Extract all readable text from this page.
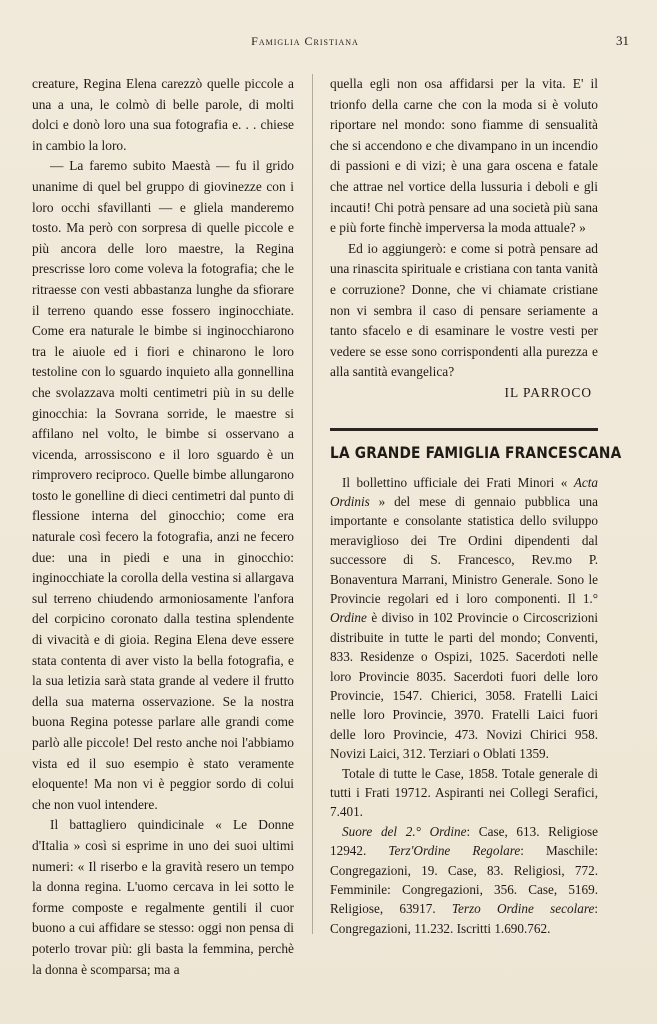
Famiglia Cristiana	31

creature, Regina Elena carezzò quelle piccole a una a una, le colmò di belle parole, di molti dolci e donò loro una sua fotografia e. . . chiese in cambio la loro.

— La faremo subito Maestà — fu il grido unanime di quel bel gruppo di giovinezze con i loro occhi sfavillanti — e gliela manderemo tosto. Ma però con sorpresa di quelle piccole e più ancora delle loro maestre, la Regina prescrisse loro come voleva la fotografia; che le ritraesse con vesti abbastanza lunghe da sfiorare il terreno quando esse fossero inginocchiate. Come era naturale le bimbe si inginocchiarono tra le aiuole ed i fiori e chinarono le loro testoline con lo sguardo inquieto alla gonnellina che svolazzava molti centimetri più in su delle ginocchia: la Sovrana sorride, le maestre si affilano nel volto, le bimbe si osservano a vicenda, arrossiscono e il loro sguardo è un rimprovero reciproco. Quelle bimbe allungarono tosto le gonelline di dieci centimetri dal punto di flessione interna del ginocchio; come era naturale così fecero la fotografia, anzi ne fecero due: una in piedi e una in ginocchio: inginocchiate la corolla della vestina si allargava sul terreno chiudendo armoniosamente l'anfora del corpicino coronato dalla testina splendente di vivacità e di gioia. Regina Elena deve essere stata contenta di aver visto la bella fotografia, e la sua letizia sarà stata grande al vedere il frutto della sua materna osservazione. Se la nostra buona Regina potesse parlare alle grandi come parlò alle piccole! Del resto anche noi l'abbiamo vista ed il suo esempio è stato veramente eloquente! Ma non vi è peggior sordo di colui che non vuol intendere.

Il battagliero quindicinale « Le Donne d'Italia » così si esprime in uno dei suoi ultimi numeri: « Il riserbo e la gravità resero un tempo la donna regina. L'uomo cercava in lei sotto le forme composte e regalmente gentili il cuor buono a cui affidare se stesso: oggi non pensa di poterlo trovar più: gli basta la femmina, perchè la donna è scomparsa; ma a

quella egli non osa affidarsi per la vita. E' il trionfo della carne che con la moda si è voluto riportare nel mondo: sono fiamme di sensualità che si accendono e che divampano in un incendio di passioni e di vizi; è una gara oscena e fatale che attrae nel vortice della lussuria i deboli e gli incauti! Chi potrà pensare ad una società più sana e più forte finchè imperversa la moda attuale? »

Ed io aggiungerò: e come si potrà pensare ad una rinascita spirituale e cristiana con tanta vanità e corruzione? Donne, che vi chiamate cristiane non vi sembra il caso di pensare seriamente a tanto sfacelo e di esaminare le vostre vesti per vedere se esse sono corrispondenti alla purezza e alla santità evangelica?

IL PARROCO

LA GRANDE FAMIGLIA FRANCESCANA

Il bollettino ufficiale dei Frati Minori « Acta Ordinis » del mese di gennaio pubblica una importante e consolante statistica dello sviluppo meraviglioso dei Tre Ordini dipendenti dal successore di S. Francesco, Rev.mo P. Bonaventura Marrani, Ministro Generale. Sono le Provincie regolari ed i loro componenti. Il 1.° Ordine è diviso in 102 Provincie o Circoscrizioni distribuite in tutte le parti del mondo; Conventi, 833. Residenze o Ospizi, 1025. Sacerdoti nelle loro Provincie 8035. Sacerdoti fuori delle loro Provincie, 1547. Chierici, 3058. Fratelli Laici nelle loro Provincie, 3970. Fratelli Laici fuori delle loro Provincie, 473. Novizi Chirici 958. Novizi Laici, 312. Terziari o Oblati 1359.

Totale di tutte le Case, 1858. Totale generale di tutti i Frati 19712. Aspiranti nei Collegi Serafici, 7.401.

Suore del 2.° Ordine: Case, 613. Religiose 12942. Terz'Ordine Regolare: Maschile: Congregazioni, 19. Case, 83. Religiosi, 772. Femminile: Congregazioni, 356. Case, 5169. Religiose, 63917. Terzo Ordine secolare: Congregazioni, 11.232. Iscritti 1.690.762.
